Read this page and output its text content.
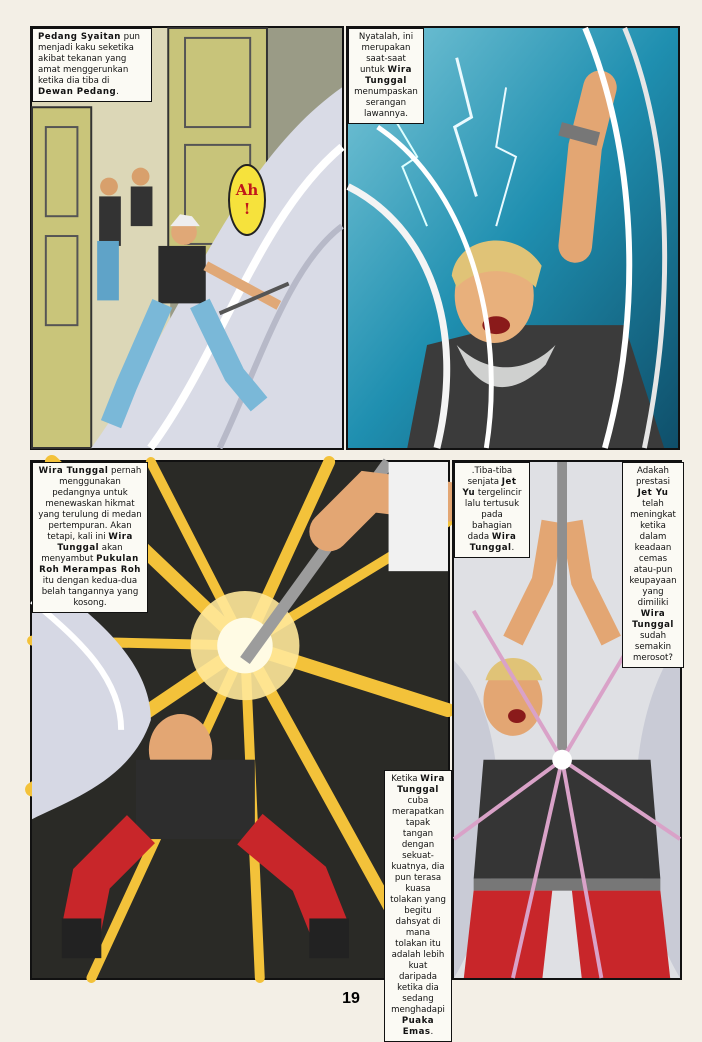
Pedang Syaitan pun menjadi kaku seketika akibat tekanan yang amat menggerunkan ketika dia tiba di Dewan Pedang.
Ah
!
Nyatalah, ini merupakan saat-saat untuk Wira Tunggal menumpaskan serangan lawannya.
Wira Tunggal pernah menggunakan pedangnya untuk menewaskan hikmat yang terulung di medan pertempuran. Akan tetapi, kali ini Wira Tunggal akan menyambut Pukulan Roh Merampas Roh itu dengan kedua-dua belah tangannya yang kosong.
Ketika Wira Tunggal cuba merapatkan tapak tangan dengan sekuat-kuatnya, dia pun terasa kuasa tolakan yang begitu dahsyat di mana tolakan itu adalah lebih kuat daripada ketika dia sedang menghadapi Puaka Emas.
.Tiba-tiba senjata Jet Yu tergelincir lalu tertusuk pada bahagian dada Wira Tunggal.
Adakah prestasi Jet Yu telah meningkat ketika dalam keadaan cemas atau-pun keupayaan yang dimiliki Wira Tunggal sudah semakin merosot?
19
